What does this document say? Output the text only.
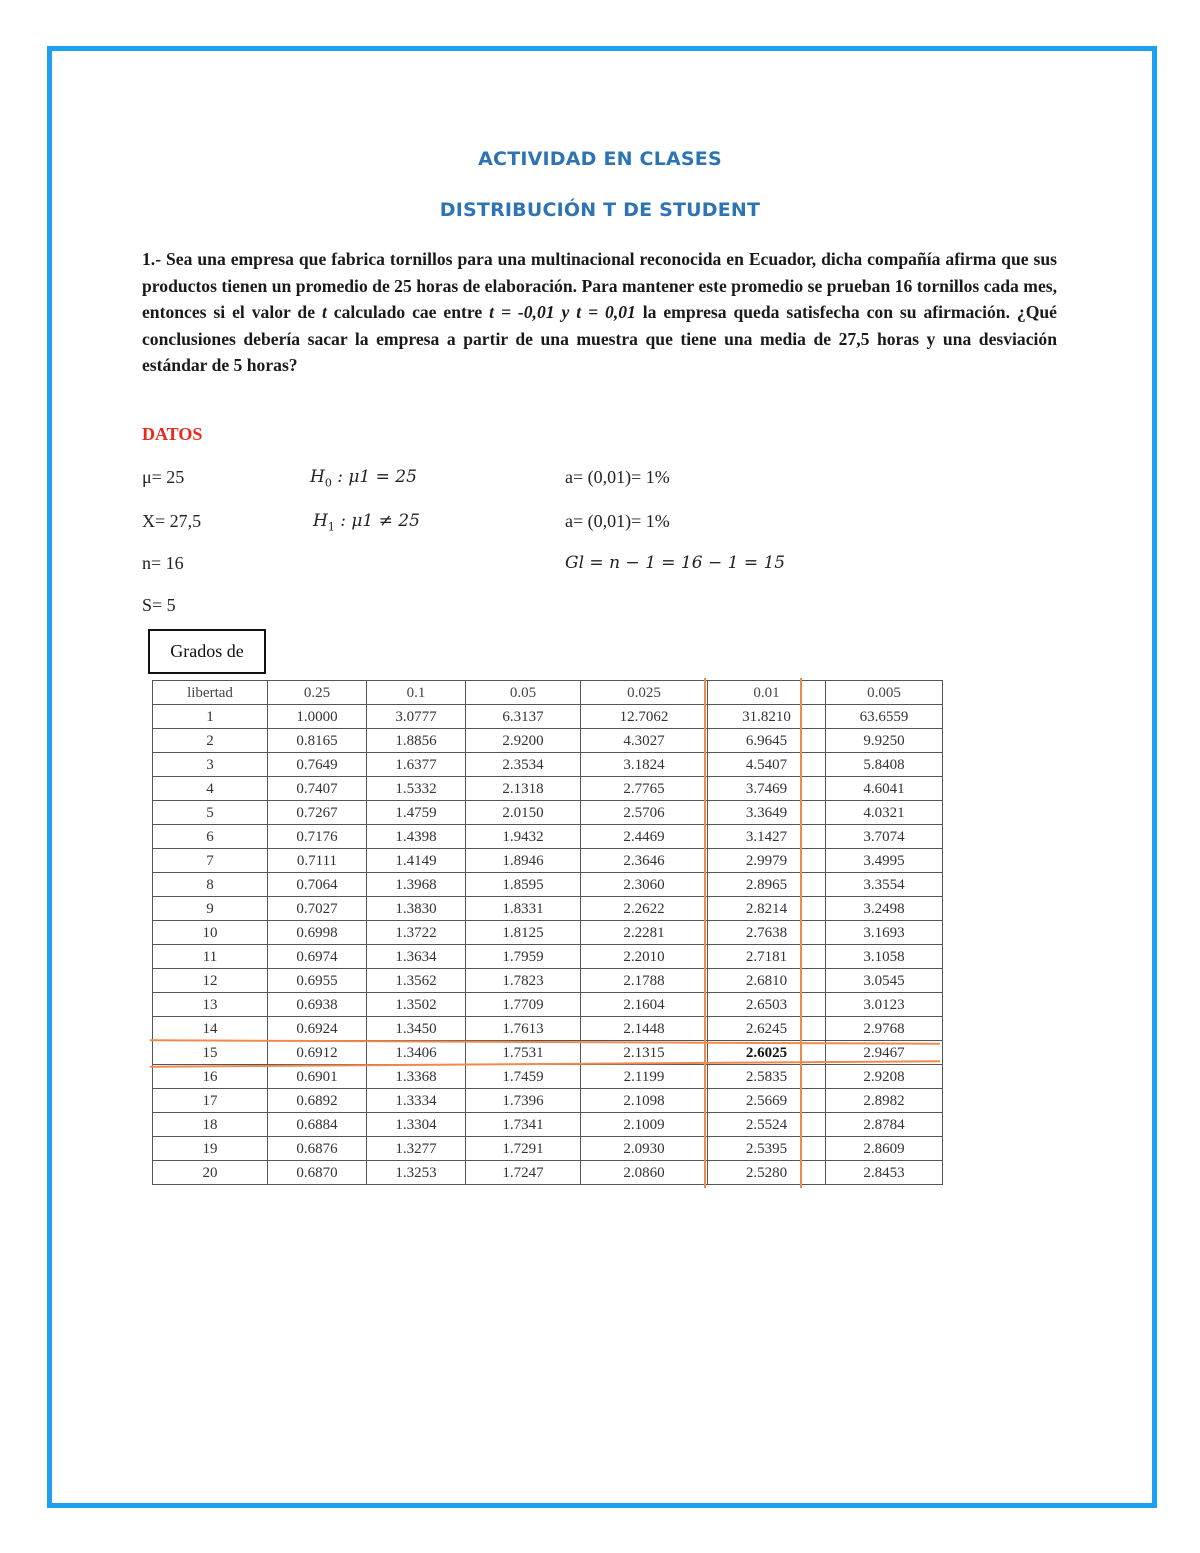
ACTIVIDAD EN CLASES
DISTRIBUCIÓN T DE STUDENT

1.- Sea una empresa que fabrica tornillos para una multinacional reconocida en Ecuador, dicha compañía afirma que sus productos tienen un promedio de 25 horas de elaboración. Para mantener este promedio se prueban 16 tornillos cada mes, entonces si el valor de t calculado cae entre t = -0,01 y t = 0,01 la empresa queda satisfecha con su afirmación. ¿Qué conclusiones debería sacar la empresa a partir de una muestra que tiene una media de 27,5 horas y una desviación estándar de 5 horas?

DATOS
μ= 25
X= 27,5
n= 16
S= 5
$H_0$ : μ1 = 25
$H_1$ : μ1 ≠ 25
a= (0,01)= 1%
a= (0,01)= 1%
Gl = n − 1 = 16 − 1 = 15
Grados de
libertad	0.25	0.1	0.05	0.025	0.01	0.005
1	1.0000	3.0777	6.3137	12.7062	31.8210	63.6559
2	0.8165	1.8856	2.9200	4.3027	6.9645	9.9250
3	0.7649	1.6377	2.3534	3.1824	4.5407	5.8408
4	0.7407	1.5332	2.1318	2.7765	3.7469	4.6041
5	0.7267	1.4759	2.0150	2.5706	3.3649	4.0321
6	0.7176	1.4398	1.9432	2.4469	3.1427	3.7074
7	0.7111	1.4149	1.8946	2.3646	2.9979	3.4995
8	0.7064	1.3968	1.8595	2.3060	2.8965	3.3554
9	0.7027	1.3830	1.8331	2.2622	2.8214	3.2498
10	0.6998	1.3722	1.8125	2.2281	2.7638	3.1693
11	0.6974	1.3634	1.7959	2.2010	2.7181	3.1058
12	0.6955	1.3562	1.7823	2.1788	2.6810	3.0545
13	0.6938	1.3502	1.7709	2.1604	2.6503	3.0123
14	0.6924	1.3450	1.7613	2.1448	2.6245	2.9768
15	0.6912	1.3406	1.7531	2.1315	2.6025	2.9467
16	0.6901	1.3368	1.7459	2.1199	2.5835	2.9208
17	0.6892	1.3334	1.7396	2.1098	2.5669	2.8982
18	0.6884	1.3304	1.7341	2.1009	2.5524	2.8784
19	0.6876	1.3277	1.7291	2.0930	2.5395	2.8609
20	0.6870	1.3253	1.7247	2.0860	2.5280	2.8453
